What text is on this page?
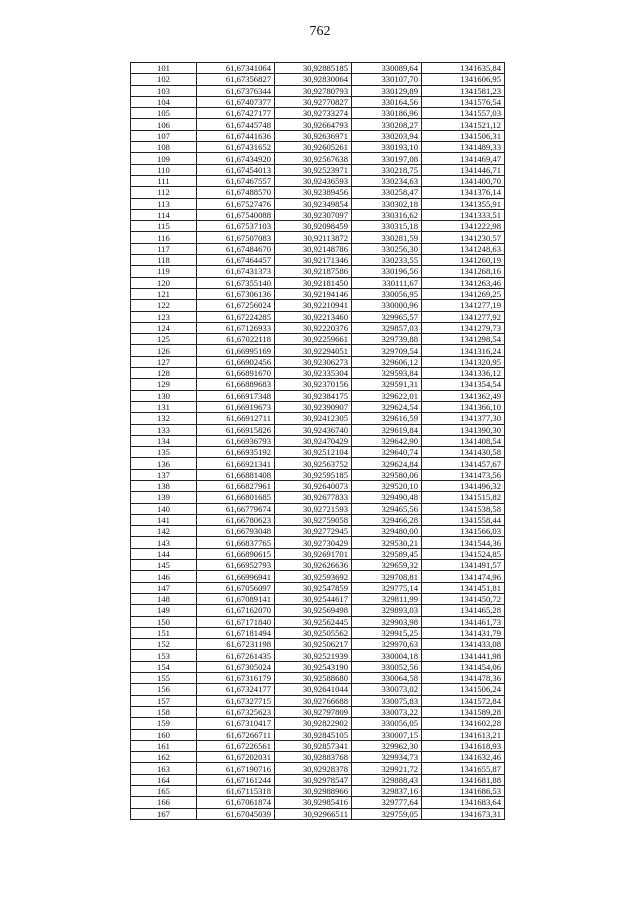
762
101	61,67341064	30,92885185	330089,64	1341635,84
102	61,67356827	30,92830064	330107,70	1341606,95
103	61,67376344	30,92780793	330129,89	1341581,23
104	61,67407377	30,92770827	330164,56	1341576,54
105	61,67427177	30,92733274	330186,96	1341557,03
106	61,67445748	30,92664793	330208,27	1341521,12
107	61,67441636	30,92636971	330203,94	1341506,31
108	61,67431652	30,92605261	330193,10	1341489,33
109	61,67434920	30,92567638	330197,08	1341469,47
110	61,67454013	30,92523971	330218,75	1341446,71
111	61,67467557	30,92436593	330234,63	1341400,70
112	61,67488570	30,92389456	330258,47	1341376,14
113	61,67527476	30,92349854	330302,18	1341355,91
114	61,67540088	30,92307097	330316,62	1341333,51
115	61,67537103	30,92098459	330315,18	1341222,98
116	61,67507083	30,92113872	330281,59	1341230,57
117	61,67484670	30,92148786	330256,30	1341248,63
118	61,67464457	30,92171346	330233,55	1341260,19
119	61,67431373	30,92187586	330196,56	1341268,16
120	61,67355140	30,92181450	330111,67	1341263,46
121	61,67306136	30,92194146	330056,95	1341269,25
122	61,67256024	30,92210941	330000,96	1341277,19
123	61,67224285	30,92213460	329965,57	1341277,92
124	61,67126933	30,92220376	329857,03	1341279,73
125	61,67022118	30,92259661	329739,88	1341298,54
126	61,66995169	30,92294051	329709,54	1341316,24
127	61,66902456	30,92306273	329606,12	1341320,95
128	61,66891670	30,92335304	329593,84	1341336,12
129	61,66889683	30,92370156	329591,31	1341354,54
130	61,66917348	30,92384175	329622,01	1341362,49
131	61,66919673	30,92390907	329624,54	1341366,10
132	61,66912711	30,92412305	329616,59	1341377,30
133	61,66915826	30,92436740	329619,84	1341390,30
134	61,66936793	30,92470429	329642,90	1341408,54
135	61,66935192	30,92512104	329640,74	1341430,58
136	61,66921341	30,92563752	329624,84	1341457,67
137	61,66881408	30,92595185	329580,06	1341473,56
138	61,66827961	30,92640073	329520,10	1341496,32
139	61,66801685	30,92677833	329490,48	1341515,82
140	61,66779674	30,92721593	329465,56	1341538,58
141	61,66780623	30,92759058	329466,28	1341558,44
142	61,66793048	30,92772945	329480,00	1341566,03
143	61,66837765	30,92730429	329530,21	1341544,36
144	61,66890615	30,92691701	329589,45	1341524,85
145	61,66952793	30,92626636	329659,32	1341491,57
146	61,66996941	30,92593692	329708,81	1341474,96
147	61,67056097	30,92547859	329775,14	1341451,81
148	61,67089141	30,92544617	329811,99	1341450,72
149	61,67162070	30,92569498	329893,03	1341465,28
150	61,67171840	30,92562445	329903,98	1341461,73
151	61,67181494	30,92505562	329915,25	1341431,79
152	61,67231198	30,92506217	329970,63	1341433,08
153	61,67261435	30,92521939	330004,18	1341441,98
154	61,67305024	30,92543190	330052,56	1341454,06
155	61,67316179	30,92588680	330064,58	1341478,36
156	61,67324177	30,92641044	330073,02	1341506,24
157	61,67327715	30,92766688	330075,83	1341572,84
158	61,67325623	30,92797809	330073,22	1341589,28
159	61,67310417	30,92822902	330056,05	1341602,28
160	61,67266711	30,92845105	330007,15	1341613,21
161	61,67226561	30,92857341	329962,30	1341618,93
162	61,67202031	30,92883768	329934,73	1341632,46
163	61,67190716	30,92928378	329921,72	1341655,87
164	61,67161244	30,92978547	329888,43	1341681,88
165	61,67115318	30,92988966	329837,16	1341686,53
166	61,67061874	30,92985416	329777,64	1341683,64
167	61,67045039	30,92966511	329759,05	1341673,31
